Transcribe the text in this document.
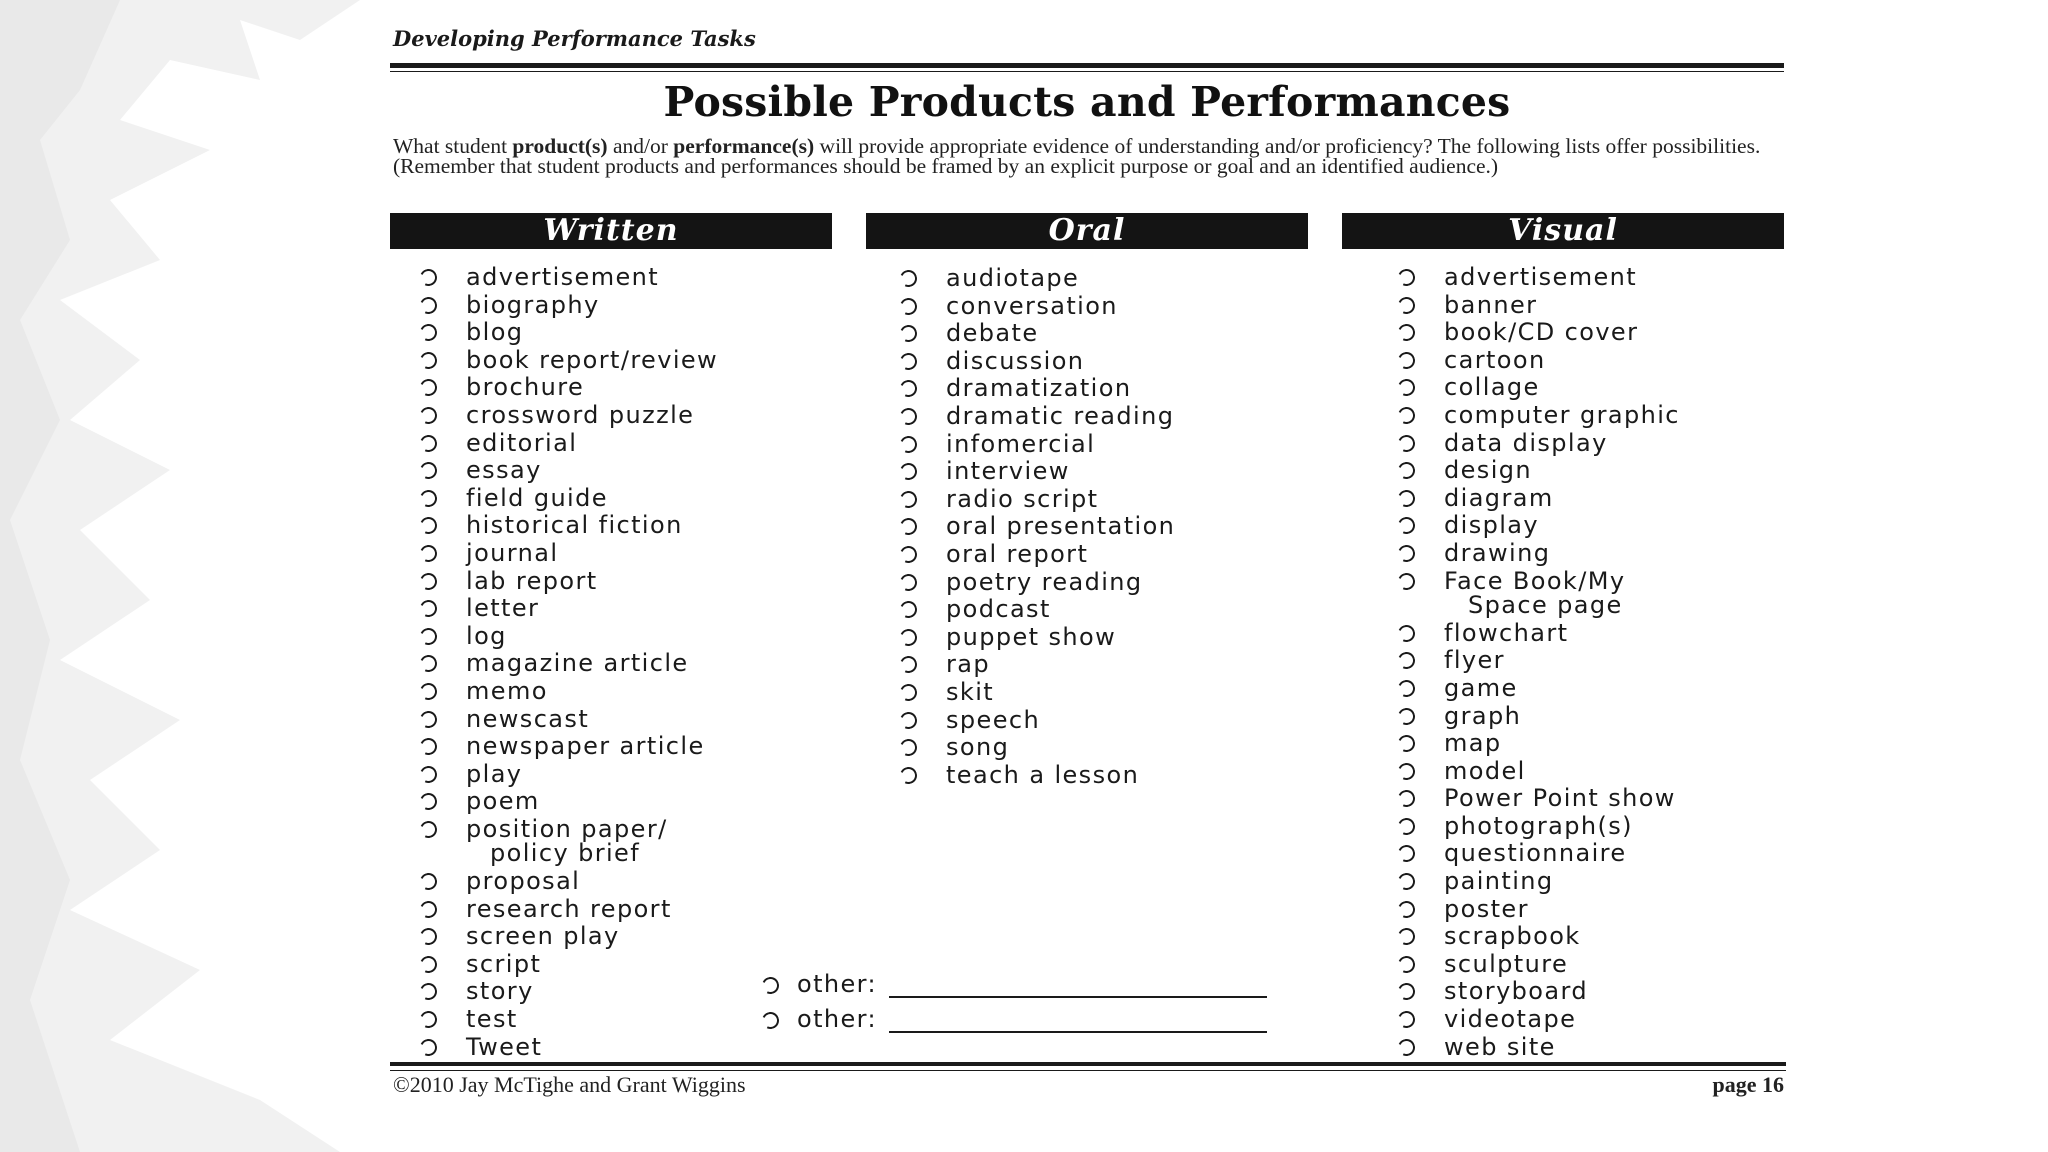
Developing Performance Tasks
Possible Products and Performances
What student product(s) and/or performance(s) will provide appropriate evidence of understanding and/or proficiency? The following lists offer possibilities. (Remember that student products and performances should be framed by an explicit purpose or goal and an identified audience.)
Written	Oral	Visual
advertisement
biography
blog
book report/review
brochure
crossword puzzle
editorial
essay
field guide
historical fiction
journal
lab report
letter
log
magazine article
memo
newscast
newspaper article
play
poem
position paper/
policy brief
proposal
research report
screen play
script
story
test
Tweet
audiotape
conversation
debate
discussion
dramatization
dramatic reading
infomercial
interview
radio script
oral presentation
oral report
poetry reading
podcast
puppet show
rap
skit
speech
song
teach a lesson
advertisement
banner
book/CD cover
cartoon
collage
computer graphic
data display
design
diagram
display
drawing
Face Book/My
Space page
flowchart
flyer
game
graph
map
model
Power Point show
photograph(s)
questionnaire
painting
poster
scrapbook
sculpture
storyboard
videotape
web site
other:
other:
©2010 Jay McTighe and Grant Wiggins	page 16
